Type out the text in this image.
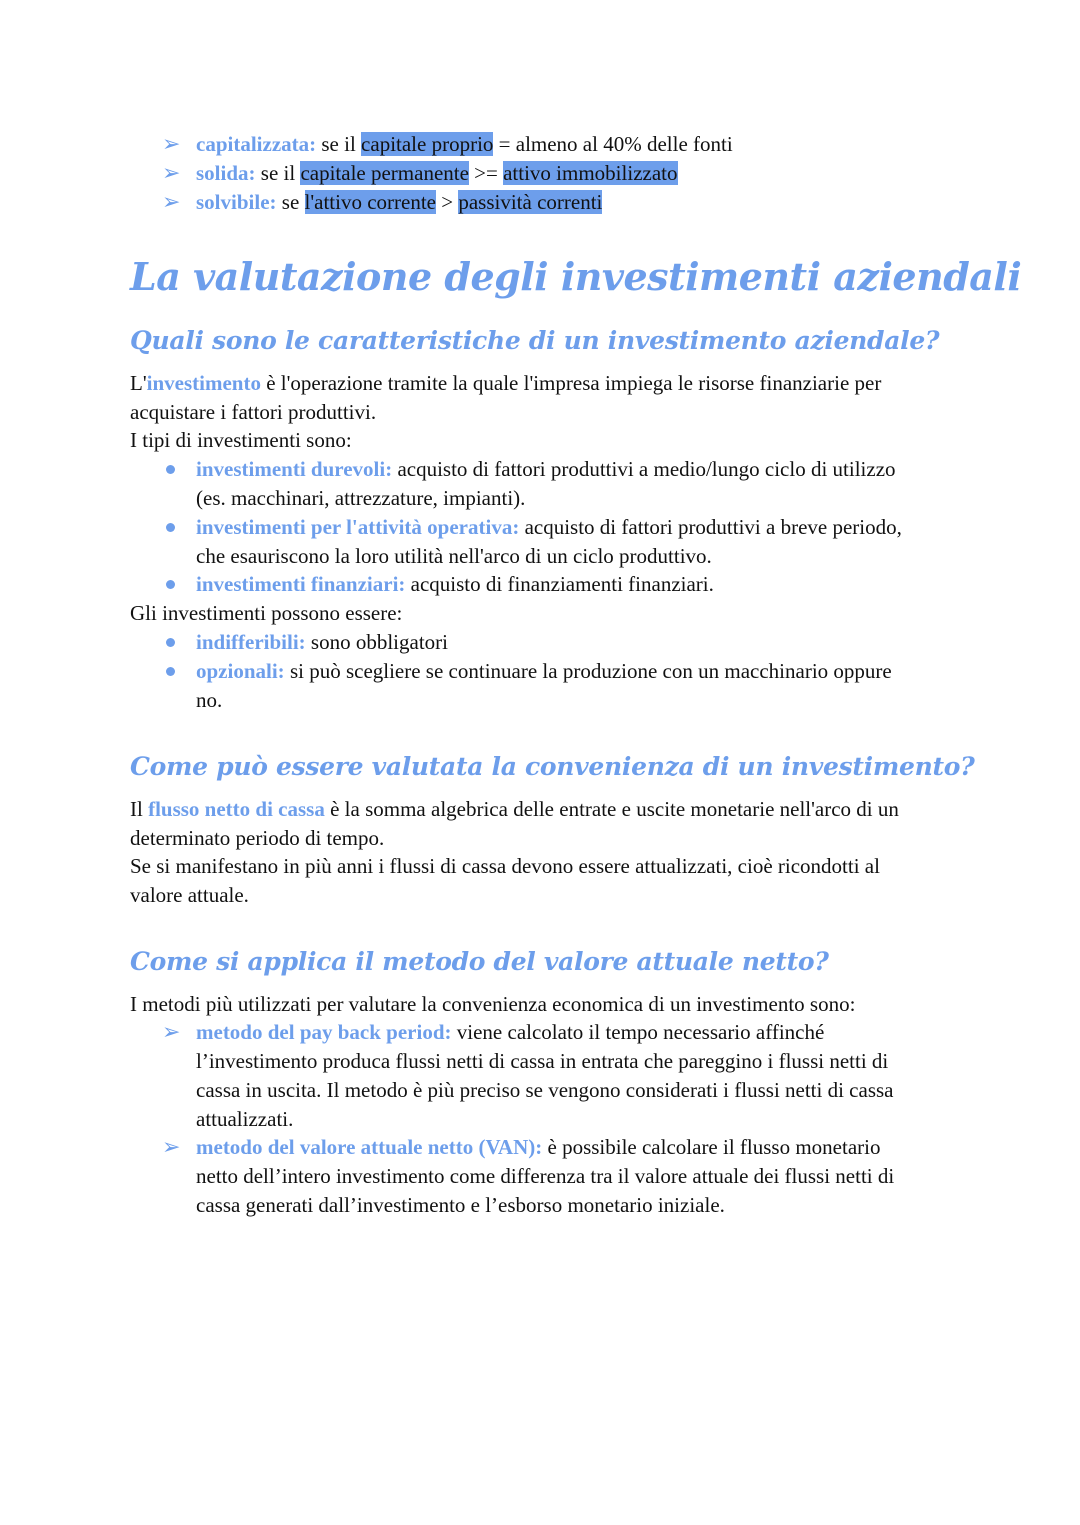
➢ capitalizzata: se il capitale proprio = almeno al 40% delle fonti
➢ solida: se il capitale permanente >= attivo immobilizzato
➢ solvibile: se l'attivo corrente > passività correnti
La valutazione degli investimenti aziendali
Quali sono le caratteristiche di un investimento aziendale?
L'investimento è l'operazione tramite la quale l'impresa impiega le risorse finanziarie per
acquistare i fattori produttivi.
I tipi di investimenti sono:
investimenti durevoli: acquisto di fattori produttivi a medio/lungo ciclo di utilizzo
(es. macchinari, attrezzature, impianti).
investimenti per l'attività operativa: acquisto di fattori produttivi a breve periodo,
che esauriscono la loro utilità nell'arco di un ciclo produttivo.
investimenti finanziari: acquisto di finanziamenti finanziari.
Gli investimenti possono essere:
indifferibili: sono obbligatori
opzionali: si può scegliere se continuare la produzione con un macchinario oppure
no.
Come può essere valutata la convenienza di un investimento?
Il flusso netto di cassa è la somma algebrica delle entrate e uscite monetarie nell'arco di un
determinato periodo di tempo.
Se si manifestano in più anni i flussi di cassa devono essere attualizzati, cioè ricondotti al
valore attuale.
Come si applica il metodo del valore attuale netto?
I metodi più utilizzati per valutare la convenienza economica di un investimento sono:
➢ metodo del pay back period: viene calcolato il tempo necessario affinché
l’investimento produca flussi netti di cassa in entrata che pareggino i flussi netti di
cassa in uscita. Il metodo è più preciso se vengono considerati i flussi netti di cassa
attualizzati.
➢ metodo del valore attuale netto (VAN): è possibile calcolare il flusso monetario
netto dell’intero investimento come differenza tra il valore attuale dei flussi netti di
cassa generati dall’investimento e l’esborso monetario iniziale.
